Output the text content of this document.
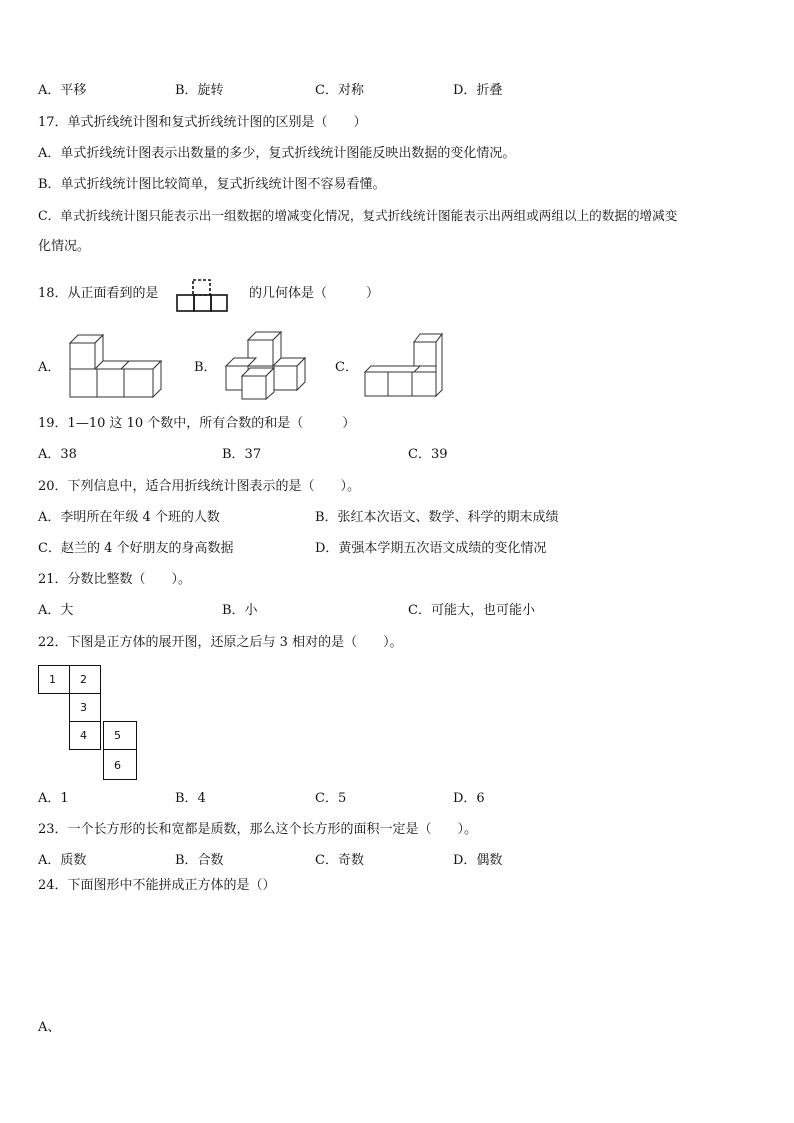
A．平移	B．旋转	C．对称	D．折叠
17．单式折线统计图和复式折线统计图的区别是（　　）
A．单式折线统计图表示出数量的多少，复式折线统计图能反映出数据的变化情况。
B．单式折线统计图比较简单，复式折线统计图不容易看懂。
C．单式折线统计图只能表示出一组数据的增减变化情况，复式折线统计图能表示出两组或两组以上的数据的增减变
化情况。
18．从正面看到的是	的几何体是（　　　）
A．	B．	C．
19．1—10 这 10 个数中，所有合数的和是（　　　）
A．38	B．37	C．39
20．下列信息中，适合用折线统计图表示的是（　　）。
A．李明所在年级 4 个班的人数	B．张红本次语文、数学、科学的期末成绩
C．赵兰的 4 个好朋友的身高数据	D．黄强本学期五次语文成绩的变化情况
21．分数比整数（　　）。
A．大	B．小	C．可能大，也可能小
22．下图是正方体的展开图，还原之后与 3 相对的是（　　）。
1	2
3
4	5
6
A．1	B．4	C．5	D．6
23．一个长方形的长和宽都是质数，那么这个长方形的面积一定是（　　）。
A．质数	B．合数	C．奇数	D．偶数
24．下面图形中不能拼成正方体的是（）
A、
